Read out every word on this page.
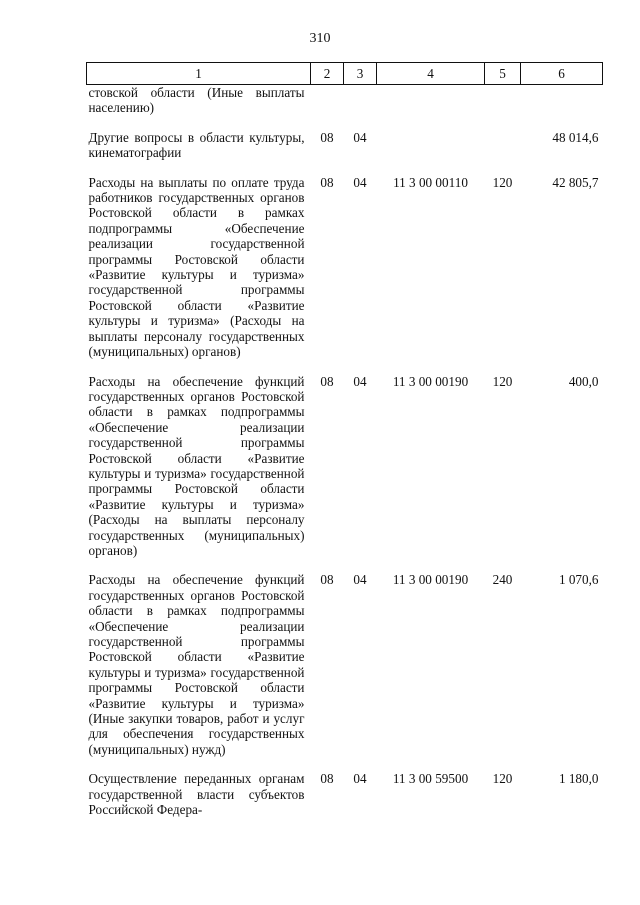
310
1	2	3	4	5	6
стовской области (Иные выплаты населению)					
Другие вопросы в области культуры, кинематографии	08	04			48 014,6
Расходы на выплаты по оплате труда работников государственных органов Ростовской области в рамках подпрограммы «Обеспечение реализации государственной программы Ростовской области «Развитие культуры и туризма» государственной программы Ростовской области «Развитие культуры и туризма» (Расходы на выплаты персоналу государственных (муниципальных) органов)	08	04	11 3 00 00110	120	42 805,7
Расходы на обеспечение функций государственных органов Ростовской области в рамках подпрограммы «Обеспечение реализации государственной программы Ростовской области «Развитие культуры и туризма» государственной программы Ростовской области «Развитие культуры и туризма» (Расходы на выплаты персоналу государственных (муниципальных) органов)	08	04	11 3 00 00190	120	400,0
Расходы на обеспечение функций государственных органов Ростовской области в рамках подпрограммы «Обеспечение реализации государственной программы Ростовской области «Развитие культуры и туризма» государственной программы Ростовской области «Развитие культуры и туризма» (Иные закупки товаров, работ и услуг для обеспечения государственных (муниципальных) нужд)	08	04	11 3 00 00190	240	1 070,6
Осуществление переданных органам государственной власти субъектов Российской Федера-	08	04	11 3 00 59500	120	1 180,0
